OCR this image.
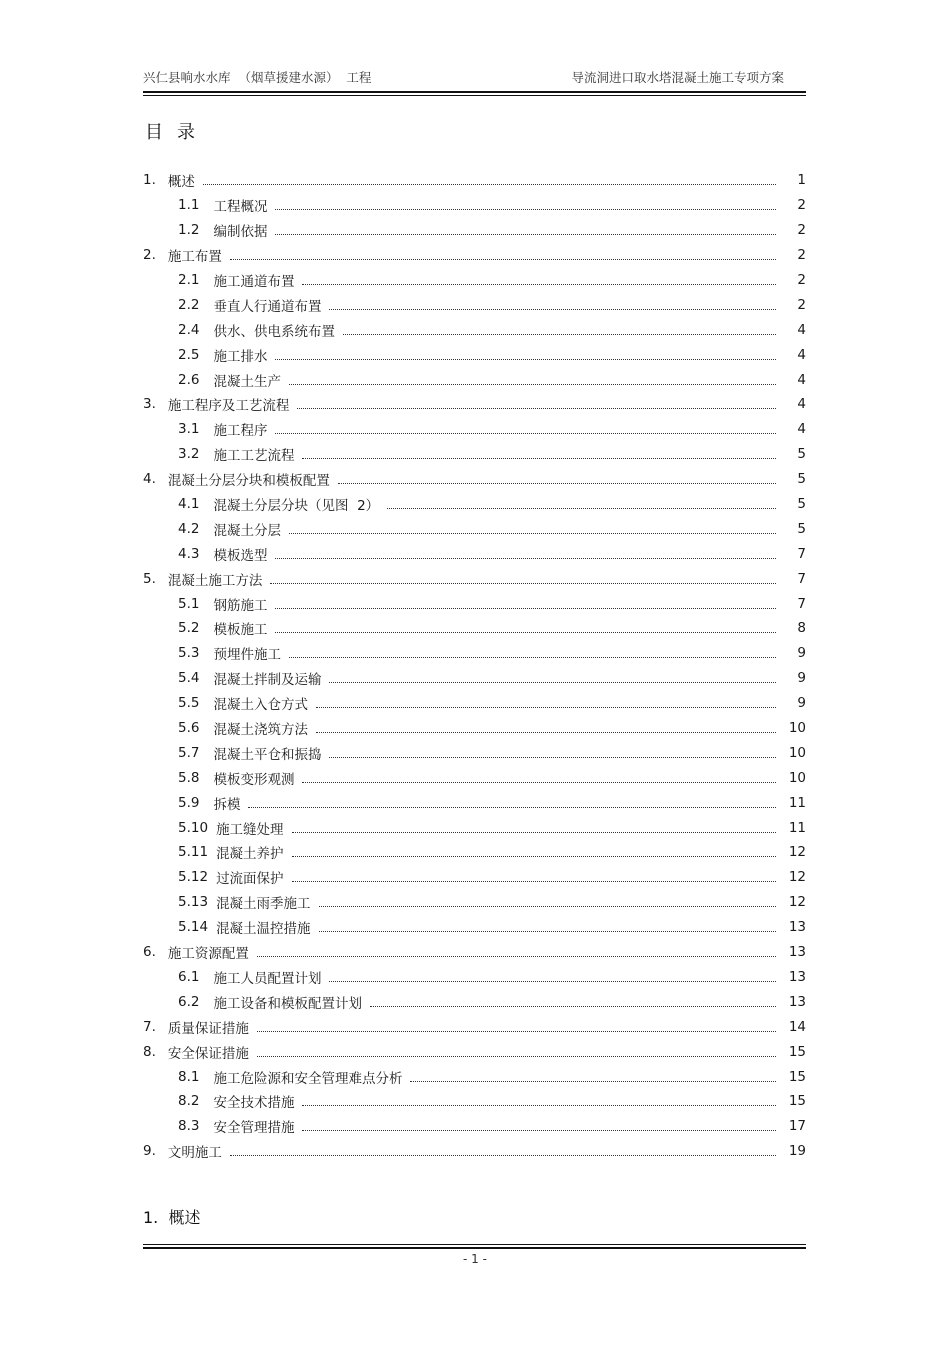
兴仁县响水水库  （烟草援建水源）  工程	导流洞进口取水塔混凝土施工专项方案
目录
1. 概述	1
1.1 工程概况	2
1.2 编制依据	2
2. 施工布置	2
2.1 施工通道布置	2
2.2 垂直人行通道布置	2
2.4 供水、供电系统布置	4
2.5 施工排水	4
2.6 混凝土生产	4
3. 施工程序及工艺流程	4
3.1 施工程序	4
3.2 施工工艺流程	5
4. 混凝土分层分块和模板配置	5
4.1 混凝土分层分块（见图  2）	5
4.2 混凝土分层	5
4.3 模板选型	7
5. 混凝土施工方法	7
5.1 钢筋施工	7
5.2 模板施工	8
5.3 预埋件施工	9
5.4 混凝土拌制及运输	9
5.5 混凝土入仓方式	9
5.6 混凝土浇筑方法	10
5.7 混凝土平仓和振捣	10
5.8 模板变形观测	10
5.9 拆模	11
5.10 施工缝处理	11
5.11 混凝土养护	12
5.12 过流面保护	12
5.13 混凝土雨季施工	12
5.14 混凝土温控措施	13
6. 施工资源配置	13
6.1 施工人员配置计划	13
6.2 施工设备和模板配置计划	13
7. 质量保证措施	14
8. 安全保证措施	15
8.1 施工危险源和安全管理难点分析	15
8.2 安全技术措施	15
8.3 安全管理措施	17
9. 文明施工	19
1.  概述
- 1 -
